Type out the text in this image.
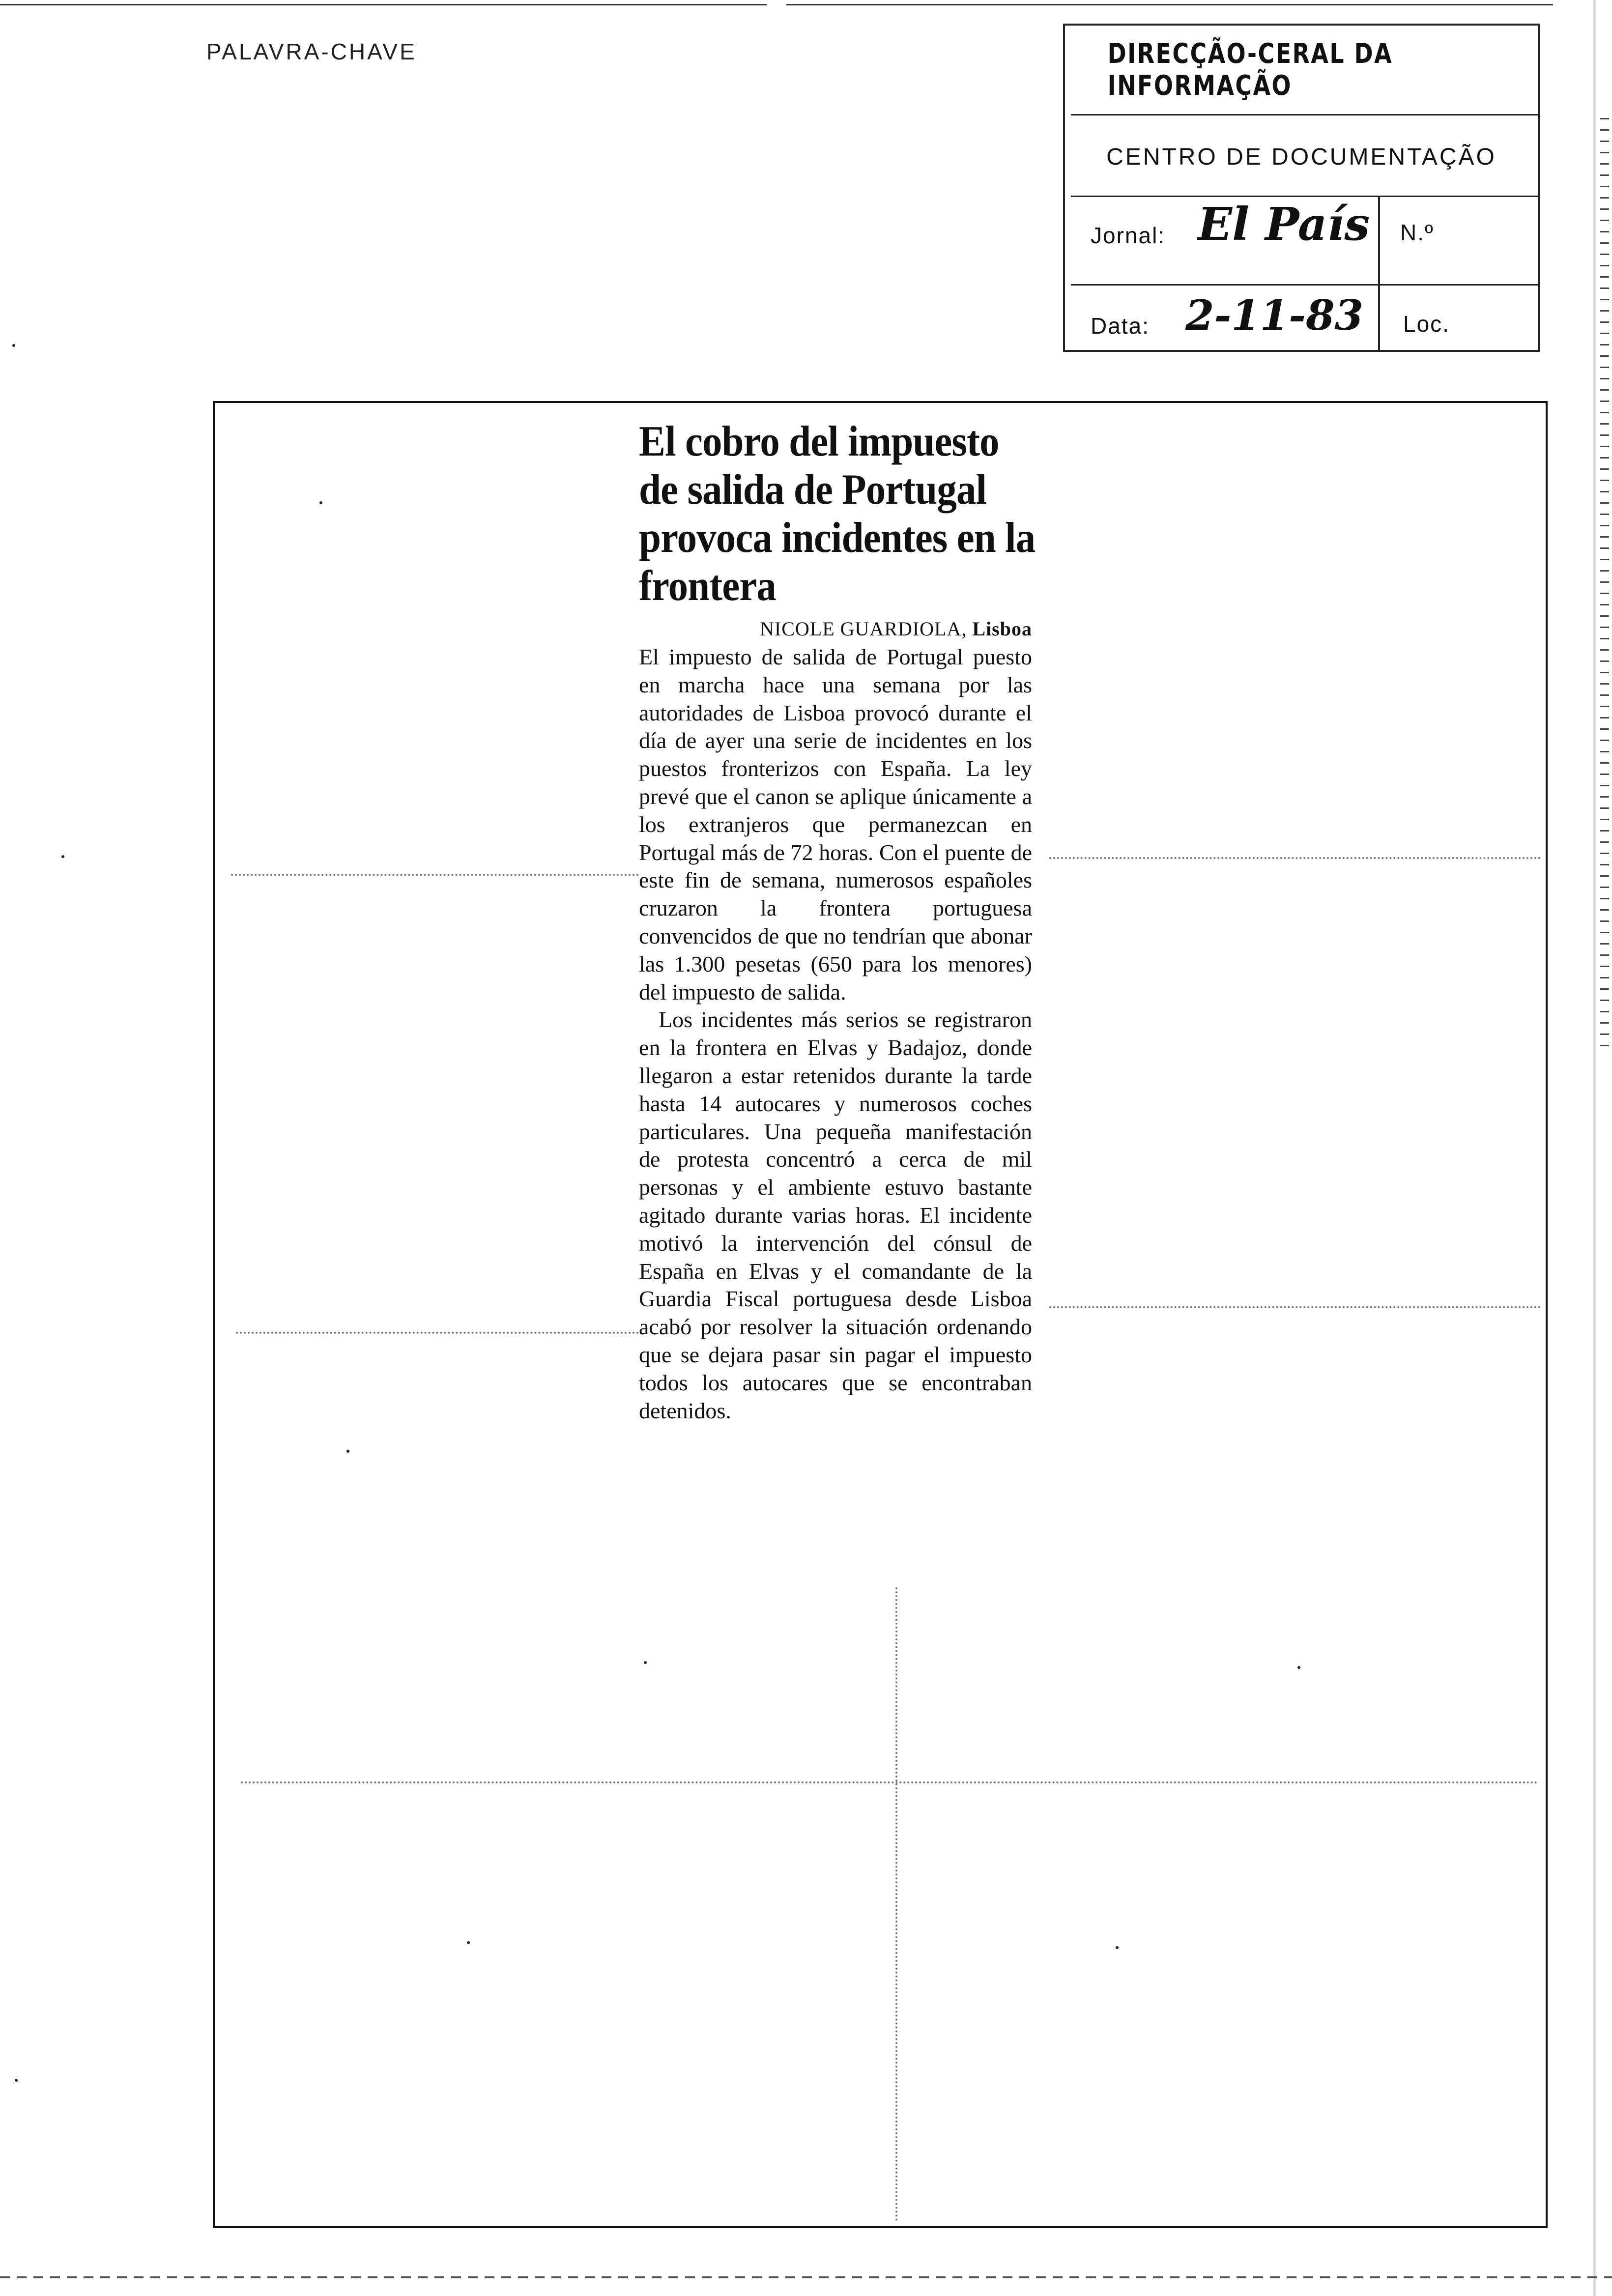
PALAVRA-CHAVE	DIRECÇÃO-CERAL DA INFORMAÇÃO
CENTRO DE DOCUMENTAÇÃO
Jornal: El País N.º
Data: 2-11-83 Loc.
El cobro del impuesto de salida de Portugal provoca incidentes en la frontera
NICOLE GUARDIOLA, Lisboa

El impuesto de salida de Portugal puesto en marcha hace una semana por las autoridades de Lisboa provocó durante el día de ayer una serie de incidentes en los puestos fronterizos con España. La ley prevé que el canon se aplique únicamente a los extranjeros que permanezcan en Portugal más de 72 horas. Con el puente de este fin de semana, numerosos españoles cruzaron la frontera portuguesa convencidos de que no tendrían que abonar las 1.300 pesetas (650 para los menores) del impuesto de salida.

Los incidentes más serios se registraron en la frontera en Elvas y Badajoz, donde llegaron a estar retenidos durante la tarde hasta 14 autocares y numerosos coches particulares. Una pequeña manifestación de protesta concentró a cerca de mil personas y el ambiente estuvo bastante agitado durante varias horas. El incidente motivó la intervención del cónsul de España en Elvas y el comandante de la Guardia Fiscal portuguesa desde Lisboa acabó por resolver la situación ordenando que se dejara pasar sin pagar el impuesto todos los autocares que se encontraban detenidos.
